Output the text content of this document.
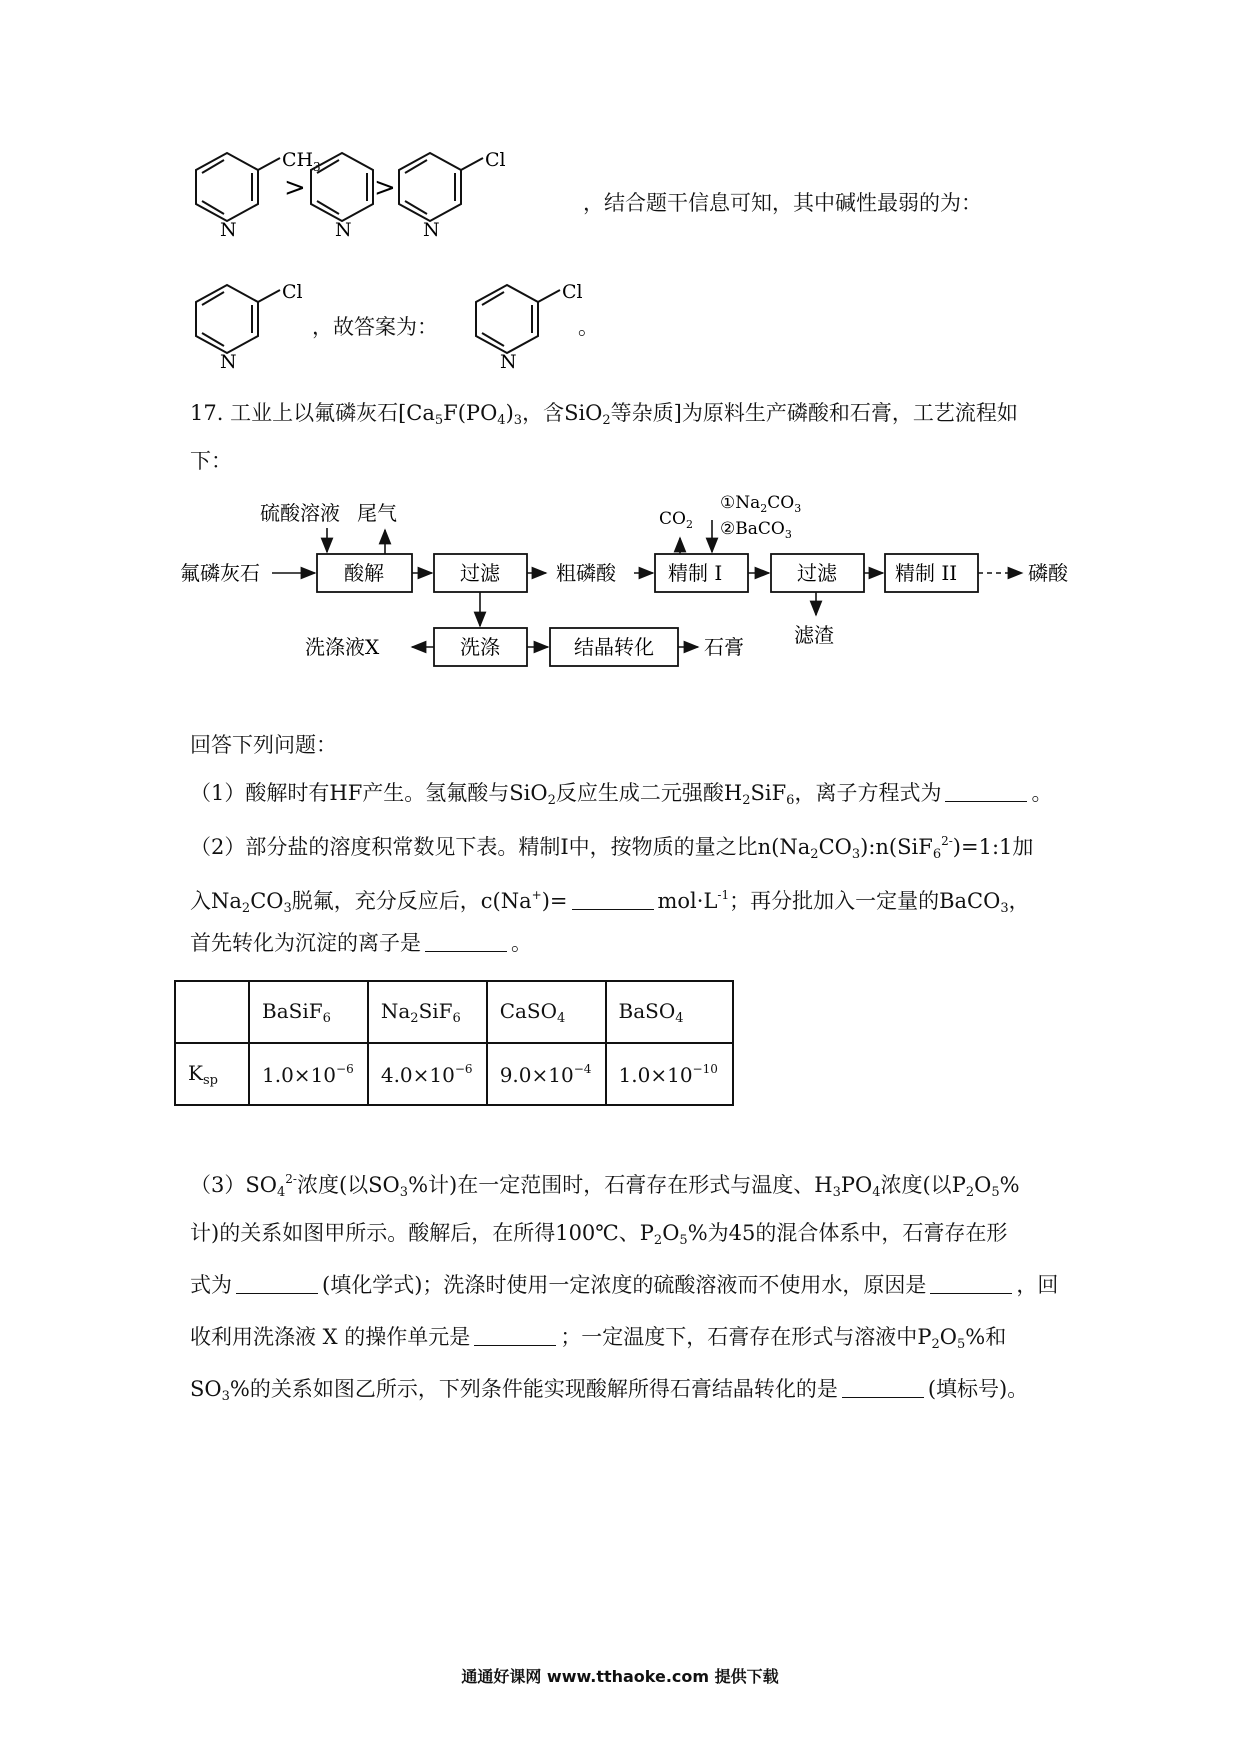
CH 3
N
>
N
>
Cl
N
，结合题干信息可知，其中碱性最弱的为：
Cl
N
，故答案为：
Cl
N
。
17. 工业上以氟磷灰石[$Ca_5F(PO_4)_3$，含SiO$_2$等杂质]为原料生产磷酸和石膏，工艺流程如
下：
氟磷灰石
硫酸溶液 尾气
酸解	过滤	粗磷酸	精制 I	过滤	精制 II	磷酸
滤渣
洗涤液X	洗涤	结晶转化	石膏
$CO_2$
$①Na_2CO_3$
②BaCO$_3$
回答下列问题：
（1）酸解时有HF产生。氢氟酸与SiO$_2$反应生成二元强酸$H_2SiF_6$，离子方程式为	。
（2）部分盐的溶度积常数见下表。精制I中，按物质的量之比$n(Na_2CO_3):n(SiF_6^{2-})=1:1$加
入$Na_2CO_3$脱氟，充分反应后，c(Na+)=	$mol\cdot L^{-1}$；再分批加入一定量的BaCO$_3$，
首先转化为沉淀的离子是	。
	BaSiF$_6$	$Na_2SiF_6$	CaSO$_4$	BaSO$_4$
$K_{sp}$	$1.0\times 10^{-6}$	$4.0\times 10^{-6}$	$9.0\times 10^{-4}$	$1.0\times 10^{-10}$
$(3)SO_4^{2-}$浓度(以$SO_3\%$计)在一定范围时，石膏存在形式与温度、$H_3PO_4$浓度(以$P_2O_5\%$
计)的关系如图甲所示。酸解后，在所得100℃、$P_2O_5\%$为45的混合体系中，石膏存在形
式为	(填化学式)；洗涤时使用一定浓度的硫酸溶液而不使用水，原因是	，回
收利用洗涤液 X 的操作单元是	；一定温度下，石膏存在形式与溶液中$P_2O_5\%$和
$SO_3\%$的关系如图乙所示，下列条件能实现酸解所得石膏结晶转化的是	(填标号)。
通通好课网 www.tthaoke.com 提供下载
